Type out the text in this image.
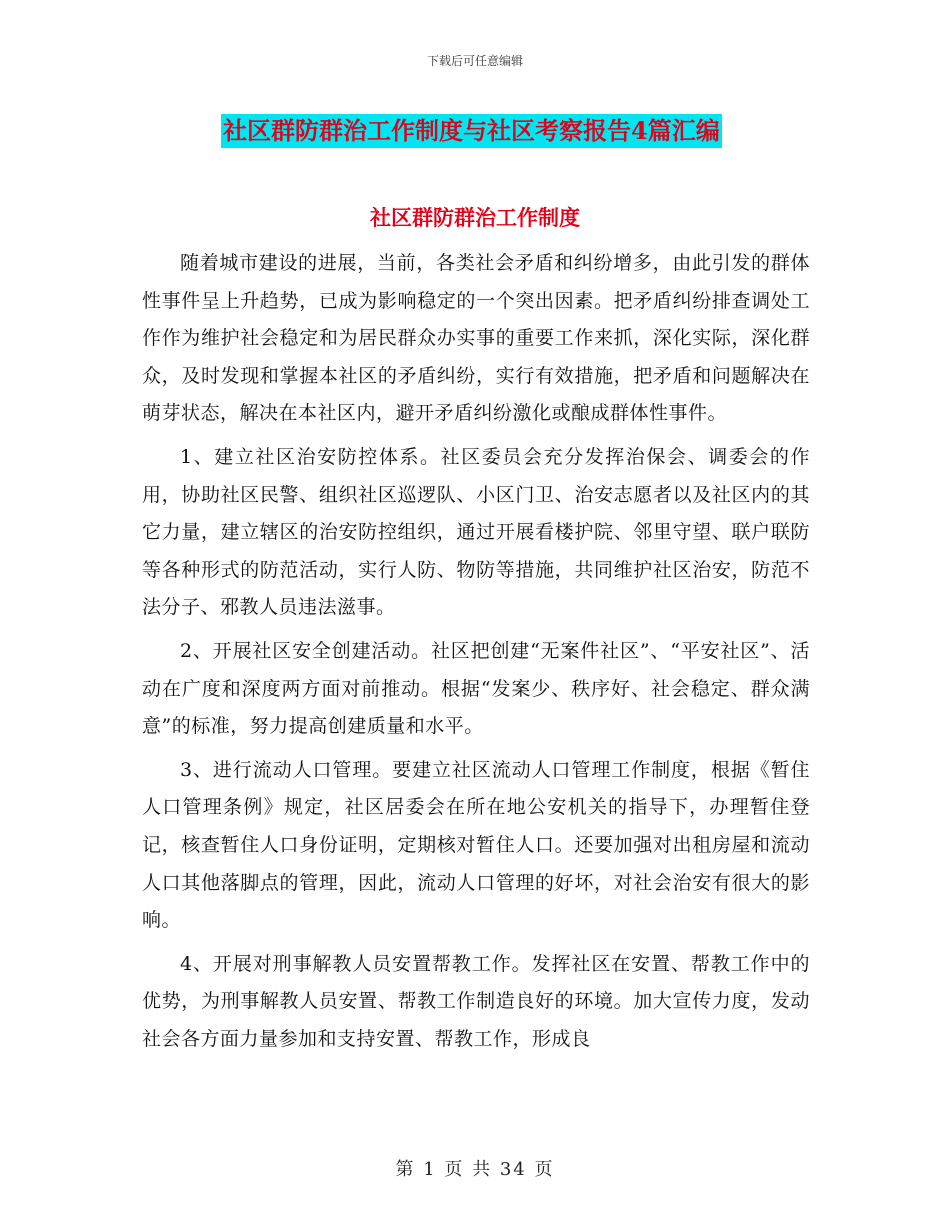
下载后可任意编辑
社区群防群治工作制度与社区考察报告4篇汇编
社区群防群治工作制度

随着城市建设的进展，当前，各类社会矛盾和纠纷增多，由此引发的群体性事件呈上升趋势，已成为影响稳定的一个突出因素。把矛盾纠纷排查调处工作作为维护社会稳定和为居民群众办实事的重要工作来抓，深化实际，深化群众，及时发现和掌握本社区的矛盾纠纷，实行有效措施，把矛盾和问题解决在萌芽状态，解决在本社区内，避开矛盾纠纷激化或酿成群体性事件。

1、建立社区治安防控体系。社区委员会充分发挥治保会、调委会的作用，协助社区民警、组织社区巡逻队、小区门卫、治安志愿者以及社区内的其它力量，建立辖区的治安防控组织，通过开展看楼护院、邻里守望、联户联防等各种形式的防范活动，实行人防、物防等措施，共同维护社区治安，防范不法分子、邪教人员违法滋事。

2、开展社区安全创建活动。社区把创建“无案件社区”、“平安社区”、活动在广度和深度两方面对前推动。根据“发案少、秩序好、社会稳定、群众满意”的标准，努力提高创建质量和水平。

3、进行流动人口管理。要建立社区流动人口管理工作制度，根据《暂住人口管理条例》规定，社区居委会在所在地公安机关的指导下，办理暂住登记，核查暂住人口身份证明，定期核对暂住人口。还要加强对出租房屋和流动人口其他落脚点的管理，因此，流动人口管理的好坏，对社会治安有很大的影响。

4、开展对刑事解教人员安置帮教工作。发挥社区在安置、帮教工作中的优势，为刑事解教人员安置、帮教工作制造良好的环境。加大宣传力度，发动社会各方面力量参加和支持安置、帮教工作，形成良

第 1 页 共 34 页
